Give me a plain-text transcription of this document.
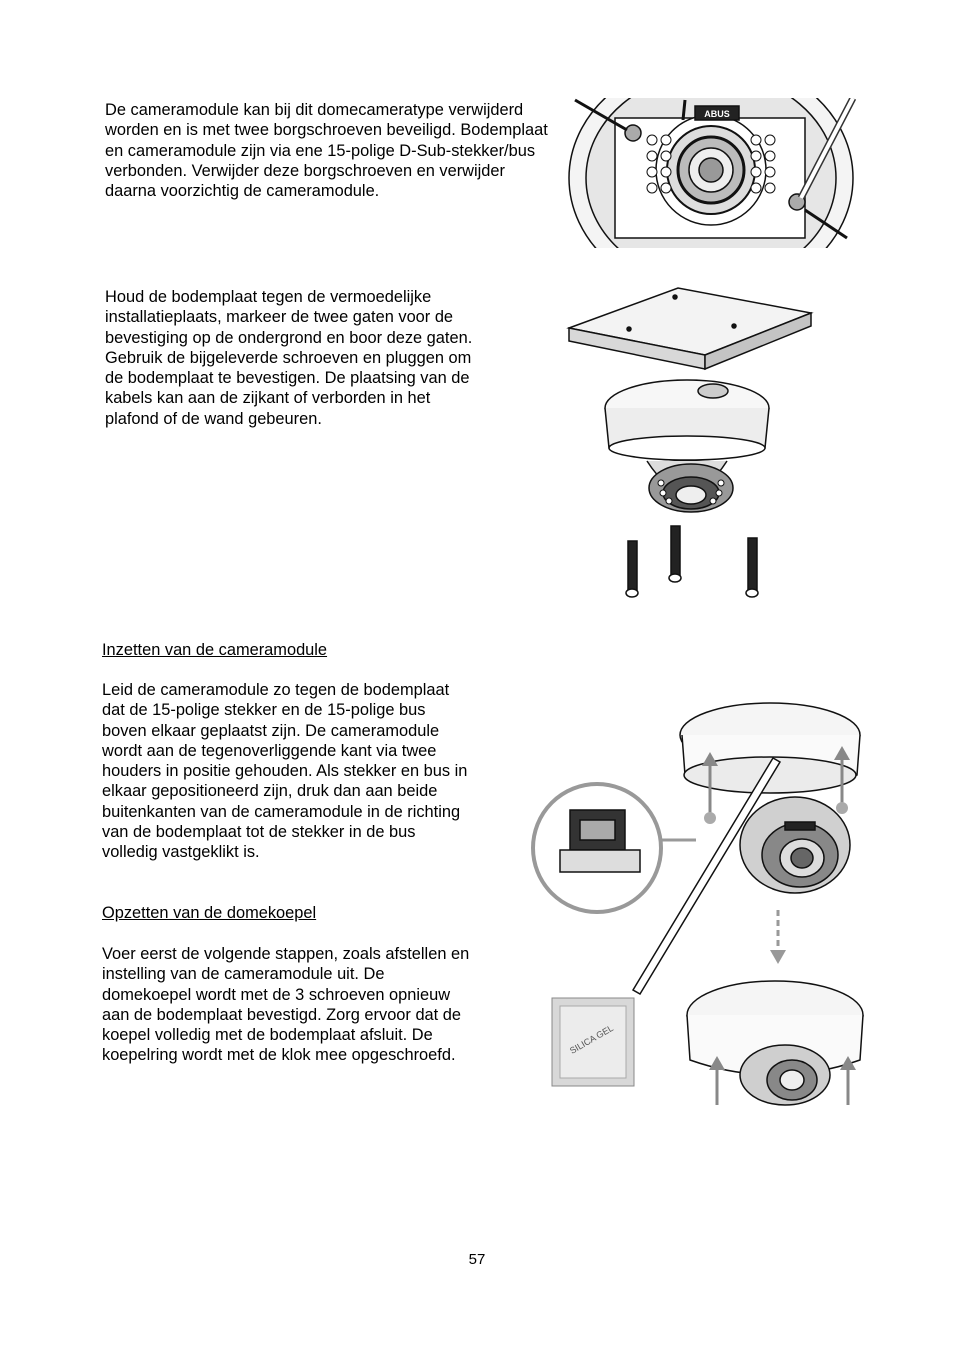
De cameramodule kan bij dit domecameratype verwijderd worden en is met twee borgschroeven beveiligd. Bodemplaat en cameramodule zijn via ene 15-polige D-Sub-stekker/bus verbonden. Verwijder deze borgschroeven en verwijder daarna voorzichtig de cameramodule.

ABUS

Houd de bodemplaat tegen de vermoedelijke installatieplaats, markeer de twee gaten voor de bevestiging op de ondergrond en boor deze gaten. Gebruik de bijgeleverde schroeven en pluggen om de bodemplaat te bevestigen. De plaatsing van de kabels kan aan de zijkant of verborden in het plafond of de wand gebeuren.

Inzetten van de cameramodule

Leid de cameramodule zo tegen de bodemplaat dat de 15-polige stekker en de 15-polige bus boven elkaar geplaatst zijn. De cameramodule wordt aan de tegenoverliggende kant via twee houders in positie gehouden. Als stekker en bus in elkaar gepositioneerd zijn, druk dan aan beide buitenkanten van de cameramodule in de richting van de bodemplaat tot de stekker in de bus volledig vastgeklikt is.

Opzetten van de domekoepel

Voer eerst de volgende stappen, zoals afstellen en instelling van de cameramodule uit. De domekoepel wordt met de 3 schroeven opnieuw aan de bodemplaat bevestigd. Zorg ervoor dat de koepel volledig met de bodemplaat afsluit. De koepelring wordt met de klok mee opgeschroefd.	SILICA GEL
57
